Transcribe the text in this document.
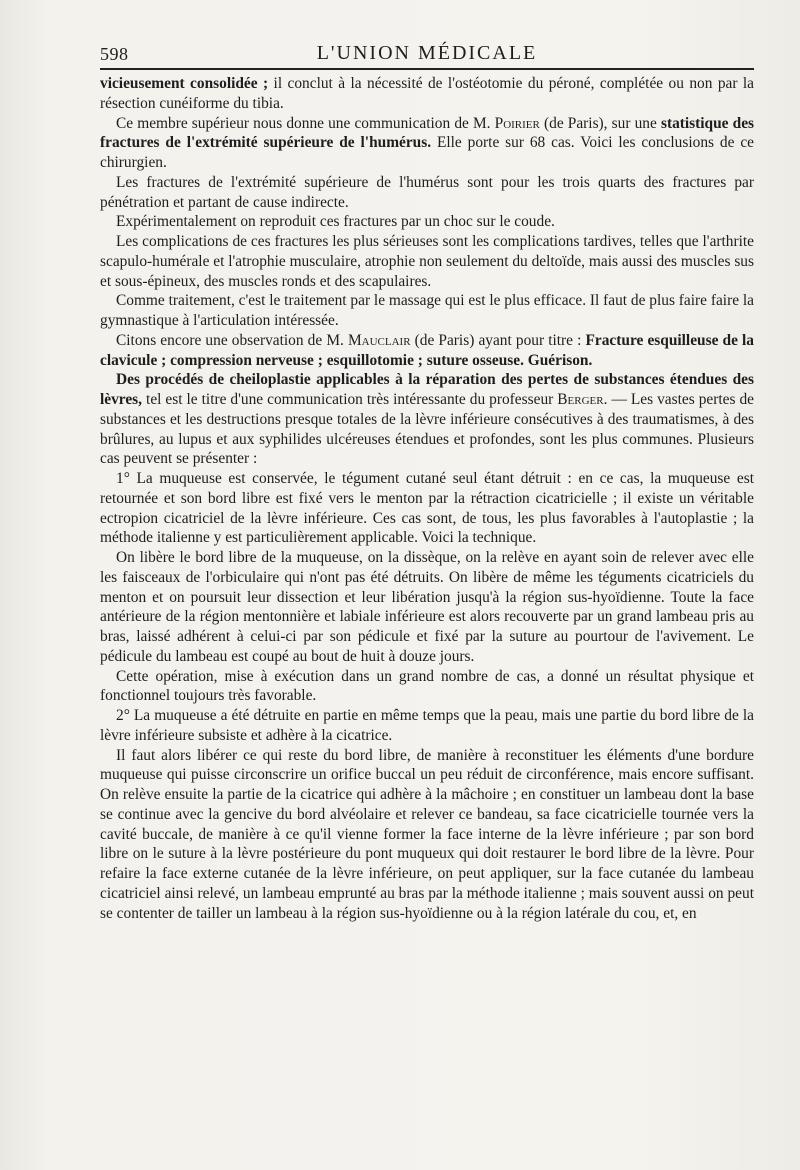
598	L'UNION MÉDICALE

vicieusement consolidée ; il conclut à la nécessité de l'ostéotomie du péroné, complétée ou non par la résection cunéiforme du tibia.

Ce membre supérieur nous donne une communication de M. Poirier (de Paris), sur une statistique des fractures de l'extrémité supérieure de l'humérus. Elle porte sur 68 cas. Voici les conclusions de ce chirurgien.

Les fractures de l'extrémité supérieure de l'humérus sont pour les trois quarts des fractures par pénétration et partant de cause indirecte.

Expérimentalement on reproduit ces fractures par un choc sur le coude.

Les complications de ces fractures les plus sérieuses sont les complications tardives, telles que l'arthrite scapulo-humérale et l'atrophie musculaire, atrophie non seulement du deltoïde, mais aussi des muscles sus et sous-épineux, des muscles ronds et des scapulaires.

Comme traitement, c'est le traitement par le massage qui est le plus efficace. Il faut de plus faire faire la gymnastique à l'articulation intéressée.

Citons encore une observation de M. Mauclair (de Paris) ayant pour titre : Fracture esquilleuse de la clavicule ; compression nerveuse ; esquillotomie ; suture osseuse. Guérison.

Des procédés de cheiloplastie applicables à la réparation des pertes de substances étendues des lèvres, tel est le titre d'une communication très intéressante du professeur Berger. — Les vastes pertes de substances et les destructions presque totales de la lèvre inférieure consécutives à des traumatismes, à des brûlures, au lupus et aux syphilides ulcéreuses étendues et profondes, sont les plus communes. Plusieurs cas peuvent se présenter :

1° La muqueuse est conservée, le tégument cutané seul étant détruit : en ce cas, la muqueuse est retournée et son bord libre est fixé vers le menton par la rétraction cicatricielle ; il existe un véritable ectropion cicatriciel de la lèvre inférieure. Ces cas sont, de tous, les plus favorables à l'autoplastie ; la méthode italienne y est particulièrement applicable. Voici la technique.

On libère le bord libre de la muqueuse, on la dissèque, on la relève en ayant soin de relever avec elle les faisceaux de l'orbiculaire qui n'ont pas été détruits. On libère de même les téguments cicatriciels du menton et on poursuit leur dissection et leur libération jusqu'à la région sus-hyoïdienne. Toute la face antérieure de la région mentonnière et labiale inférieure est alors recouverte par un grand lambeau pris au bras, laissé adhérent à celui-ci par son pédicule et fixé par la suture au pourtour de l'avivement. Le pédicule du lambeau est coupé au bout de huit à douze jours.

Cette opération, mise à exécution dans un grand nombre de cas, a donné un résultat physique et fonctionnel toujours très favorable.

2° La muqueuse a été détruite en partie en même temps que la peau, mais une partie du bord libre de la lèvre inférieure subsiste et adhère à la cicatrice.

Il faut alors libérer ce qui reste du bord libre, de manière à reconstituer les éléments d'une bordure muqueuse qui puisse circonscrire un orifice buccal un peu réduit de circonférence, mais encore suffisant. On relève ensuite la partie de la cicatrice qui adhère à la mâchoire ; en constituer un lambeau dont la base se continue avec la gencive du bord alvéolaire et relever ce bandeau, sa face cicatricielle tournée vers la cavité buccale, de manière à ce qu'il vienne former la face interne de la lèvre inférieure ; par son bord libre on le suture à la lèvre postérieure du pont muqueux qui doit restaurer le bord libre de la lèvre. Pour refaire la face externe cutanée de la lèvre inférieure, on peut appliquer, sur la face cutanée du lambeau cicatriciel ainsi relevé, un lambeau emprunté au bras par la méthode italienne ; mais souvent aussi on peut se contenter de tailler un lambeau à la région sus-hyoïdienne ou à la région latérale du cou, et, en
